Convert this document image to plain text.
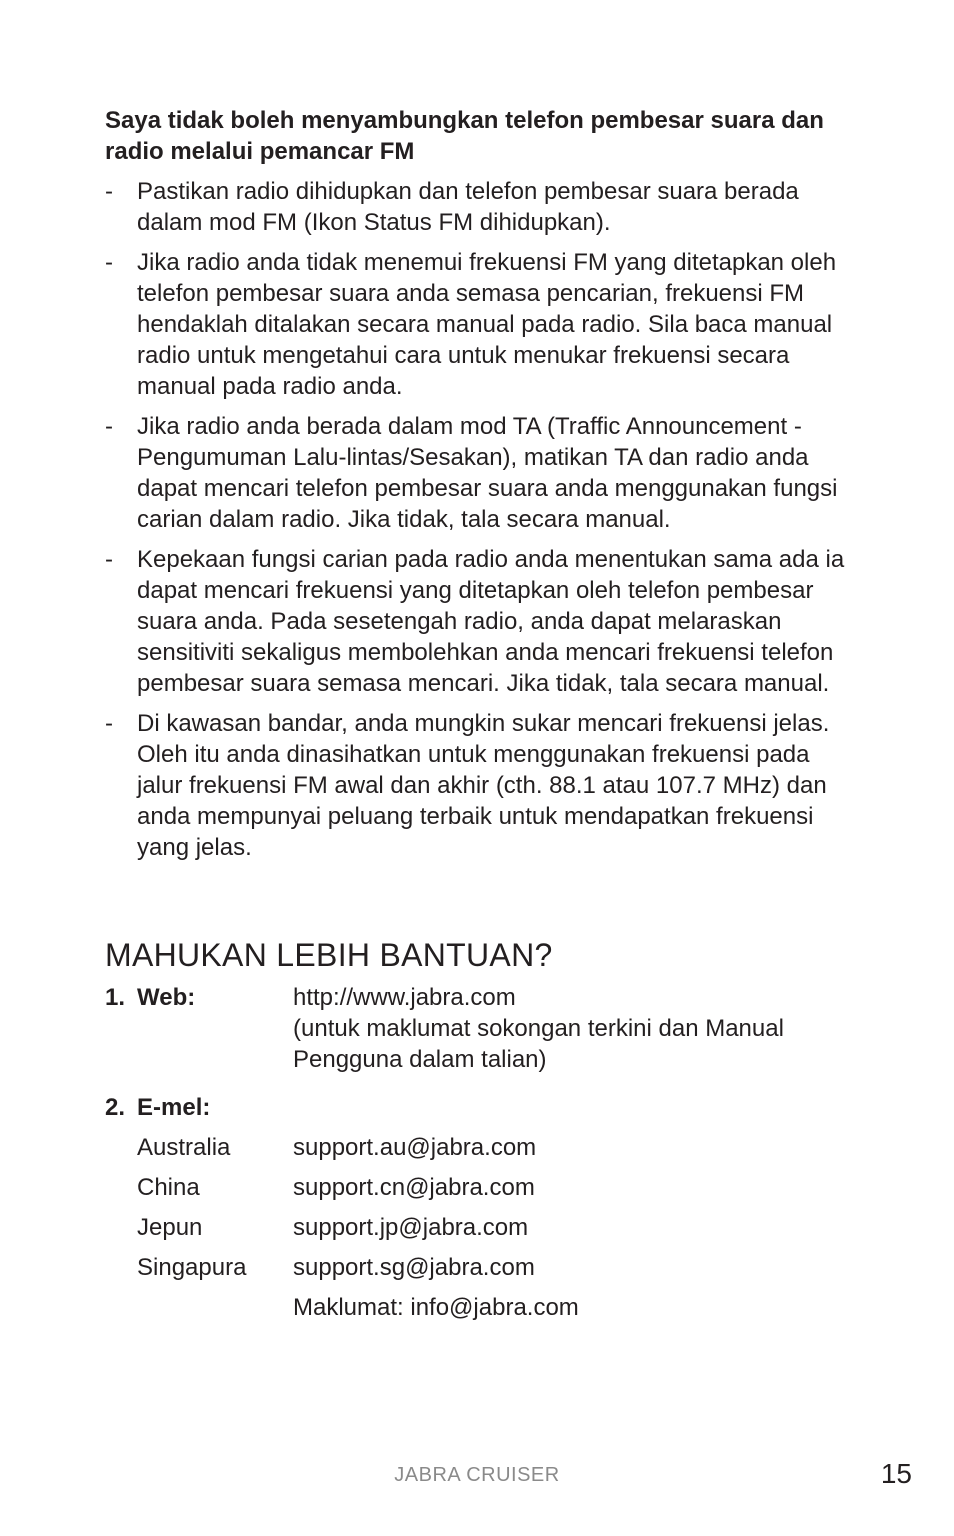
Saya tidak boleh menyambungkan telefon pembesar suara dan radio melalui pemancar FM

- Pastikan radio dihidupkan dan telefon pembesar suara berada dalam mod FM (Ikon Status FM dihidupkan).
- Jika radio anda tidak menemui frekuensi FM yang ditetapkan oleh telefon pembesar suara anda semasa pencarian, frekuensi FM hendaklah ditalakan secara manual pada radio. Sila baca manual radio untuk mengetahui cara untuk menukar frekuensi secara manual pada radio anda.
- Jika radio anda berada dalam mod TA (Traffic Announcement - Pengumuman Lalu-lintas/Sesakan), matikan TA dan radio anda dapat mencari telefon pembesar suara anda menggunakan fungsi carian dalam radio. Jika tidak, tala secara manual.
- Kepekaan fungsi carian pada radio anda menentukan sama ada ia dapat mencari frekuensi yang ditetapkan oleh telefon pembesar suara anda. Pada sesetengah radio, anda dapat melaraskan sensitiviti sekaligus membolehkan anda mencari frekuensi telefon pembesar suara semasa mencari. Jika tidak, tala secara manual.
- Di kawasan bandar, anda mungkin sukar mencari frekuensi jelas. Oleh itu anda dinasihatkan untuk menggunakan frekuensi pada jalur frekuensi FM awal dan akhir (cth. 88.1 atau 107.7 MHz) dan anda mempunyai peluang terbaik untuk mendapatkan frekuensi yang jelas.
MAHUKAN LEBIH BANTUAN?
1. Web:	http://www.jabra.com
(untuk maklumat sokongan terkini dan Manual
Pengguna dalam talian)
2. E-mel:
Australia	support.au@jabra.com
China	support.cn@jabra.com
Jepun	support.jp@jabra.com
Singapura support.sg@jabra.com
Maklumat: info@jabra.com
JABRA CRUISER	15
